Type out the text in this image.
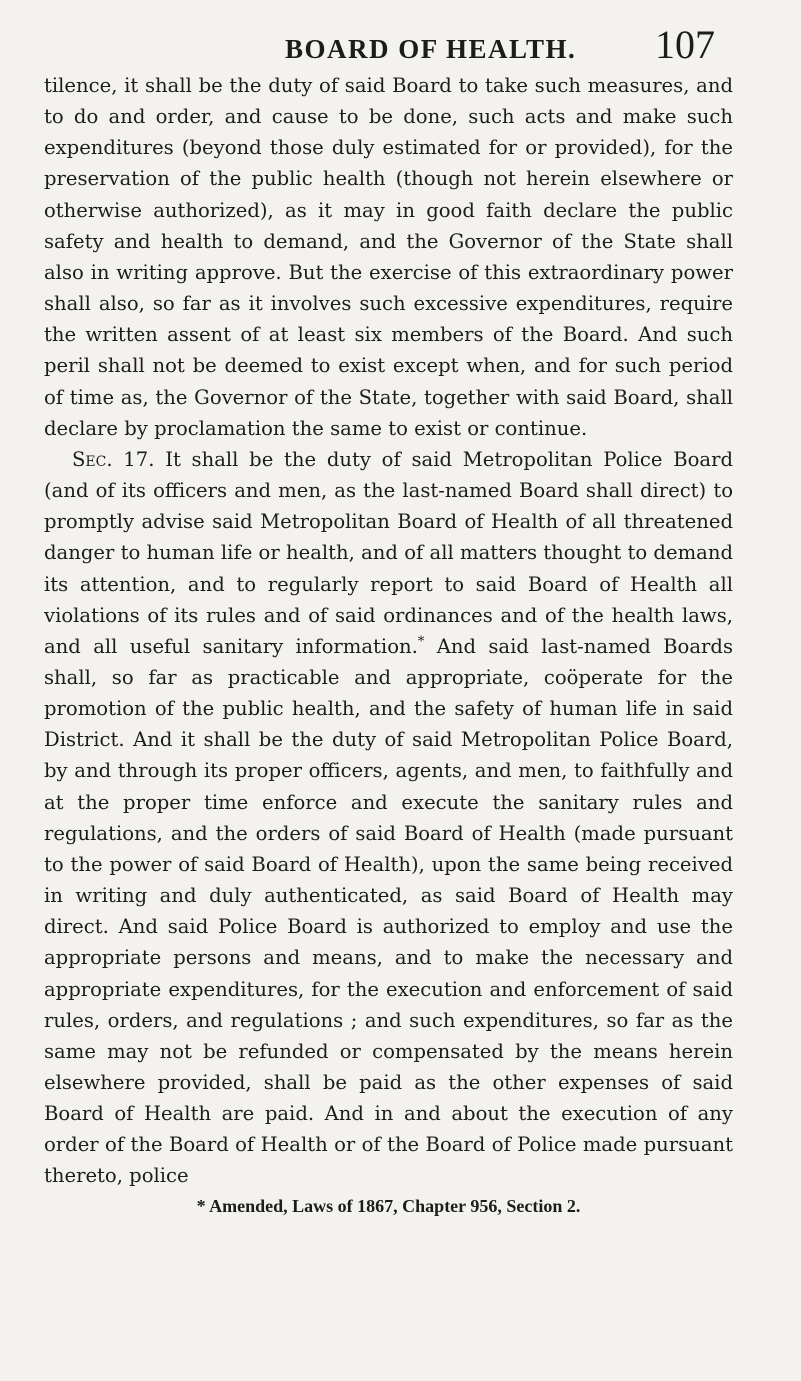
BOARD OF HEALTH. 107

tilence, it shall be the duty of said Board to take such measures, and to do and order, and cause to be done, such acts and make such expenditures (beyond those duly estimated for or provided), for the preservation of the public health (though not herein elsewhere or otherwise authorized), as it may in good faith declare the public safety and health to demand, and the Governor of the State shall also in writing approve. But the exercise of this extraordinary power shall also, so far as it involves such excessive expenditures, require the written assent of at least six members of the Board. And such peril shall not be deemed to exist except when, and for such period of time as, the Governor of the State, together with said Board, shall declare by proclamation the same to exist or continue.

Sec. 17. It shall be the duty of said Metropolitan Police Board (and of its officers and men, as the last-named Board shall direct) to promptly advise said Metropolitan Board of Health of all threatened danger to human life or health, and of all matters thought to demand its attention, and to regularly report to said Board of Health all violations of its rules and of said ordinances and of the health laws, and all useful sanitary information.* And said last-named Boards shall, so far as practicable and appropriate, coöperate for the promotion of the public health, and the safety of human life in said District. And it shall be the duty of said Metropolitan Police Board, by and through its proper officers, agents, and men, to faithfully and at the proper time enforce and execute the sanitary rules and regulations, and the orders of said Board of Health (made pursuant to the power of said Board of Health), upon the same being received in writing and duly authenticated, as said Board of Health may direct. And said Police Board is authorized to employ and use the appropriate persons and means, and to make the necessary and appropriate expenditures, for the execution and enforcement of said rules, orders, and regulations ; and such expenditures, so far as the same may not be refunded or compensated by the means herein elsewhere provided, shall be paid as the other expenses of said Board of Health are paid. And in and about the execution of any order of the Board of Health or of the Board of Police made pursuant thereto, police

* Amended, Laws of 1867, Chapter 956, Section 2.
